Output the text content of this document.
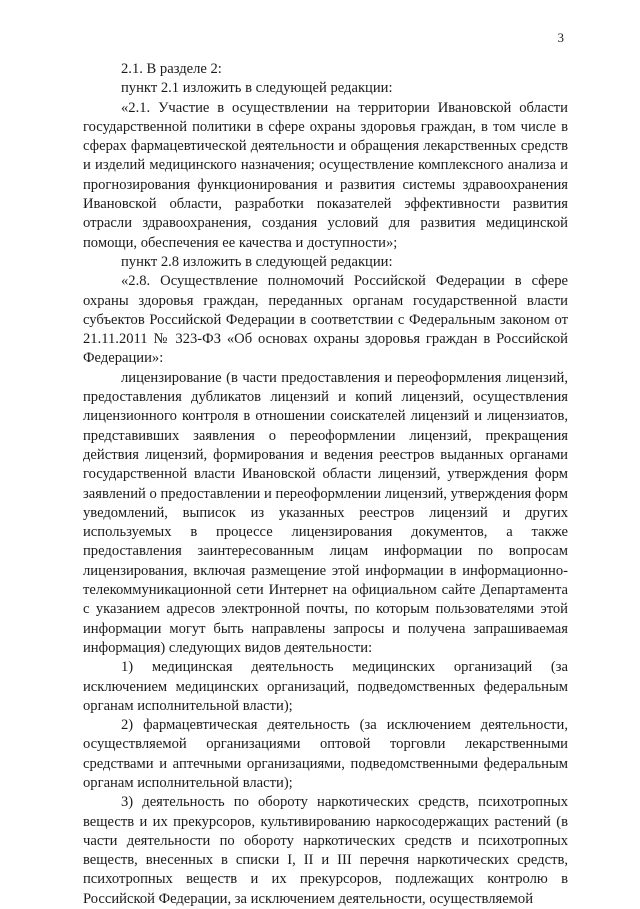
3

2.1. В разделе 2:

пункт 2.1 изложить в следующей редакции:

«2.1. Участие в осуществлении на территории Ивановской области государственной политики в сфере охраны здоровья граждан, в том числе в сферах фармацевтической деятельности и обращения лекарственных средств и изделий медицинского назначения; осуществление комплексного анализа и прогнозирования функционирования и развития системы здравоохранения Ивановской области, разработки показателей эффективности развития отрасли здравоохранения, создания условий для развития медицинской помощи, обеспечения ее качества и доступности»;

пункт 2.8 изложить в следующей редакции:

«2.8. Осуществление полномочий Российской Федерации в сфере охраны здоровья граждан, переданных органам государственной власти субъектов Российской Федерации в соответствии с Федеральным законом от 21.11.2011 № 323-ФЗ «Об основах охраны здоровья граждан в Российской Федерации»:

лицензирование (в части предоставления и переоформления лицензий, предоставления дубликатов лицензий и копий лицензий, осуществления лицензионного контроля в отношении соискателей лицензий и лицензиатов, представивших заявления о переоформлении лицензий, прекращения действия лицензий, формирования и ведения реестров выданных органами государственной власти Ивановской области лицензий, утверждения форм заявлений о предоставлении и переоформлении лицензий, утверждения форм уведомлений, выписок из указанных реестров лицензий и других используемых в процессе лицензирования документов, а также предоставления заинтересованным лицам информации по вопросам лицензирования, включая размещение этой информации в информационно-телекоммуникационной сети Интернет на официальном сайте Департамента с указанием адресов электронной почты, по которым пользователями этой информации могут быть направлены запросы и получена запрашиваемая информация) следующих видов деятельности:

1) медицинская деятельность медицинских организаций (за исключением медицинских организаций, подведомственных федеральным органам исполнительной власти);

2) фармацевтическая деятельность (за исключением деятельности, осуществляемой организациями оптовой торговли лекарственными средствами и аптечными организациями, подведомственными федеральным органам исполнительной власти);

3) деятельность по обороту наркотических средств, психотропных веществ и их прекурсоров, культивированию наркосодержащих растений (в части деятельности по обороту наркотических средств и психотропных веществ, внесенных в списки I, II и III перечня наркотических средств, психотропных веществ и их прекурсоров, подлежащих контролю в Российской Федерации, за исключением деятельности, осуществляемой
